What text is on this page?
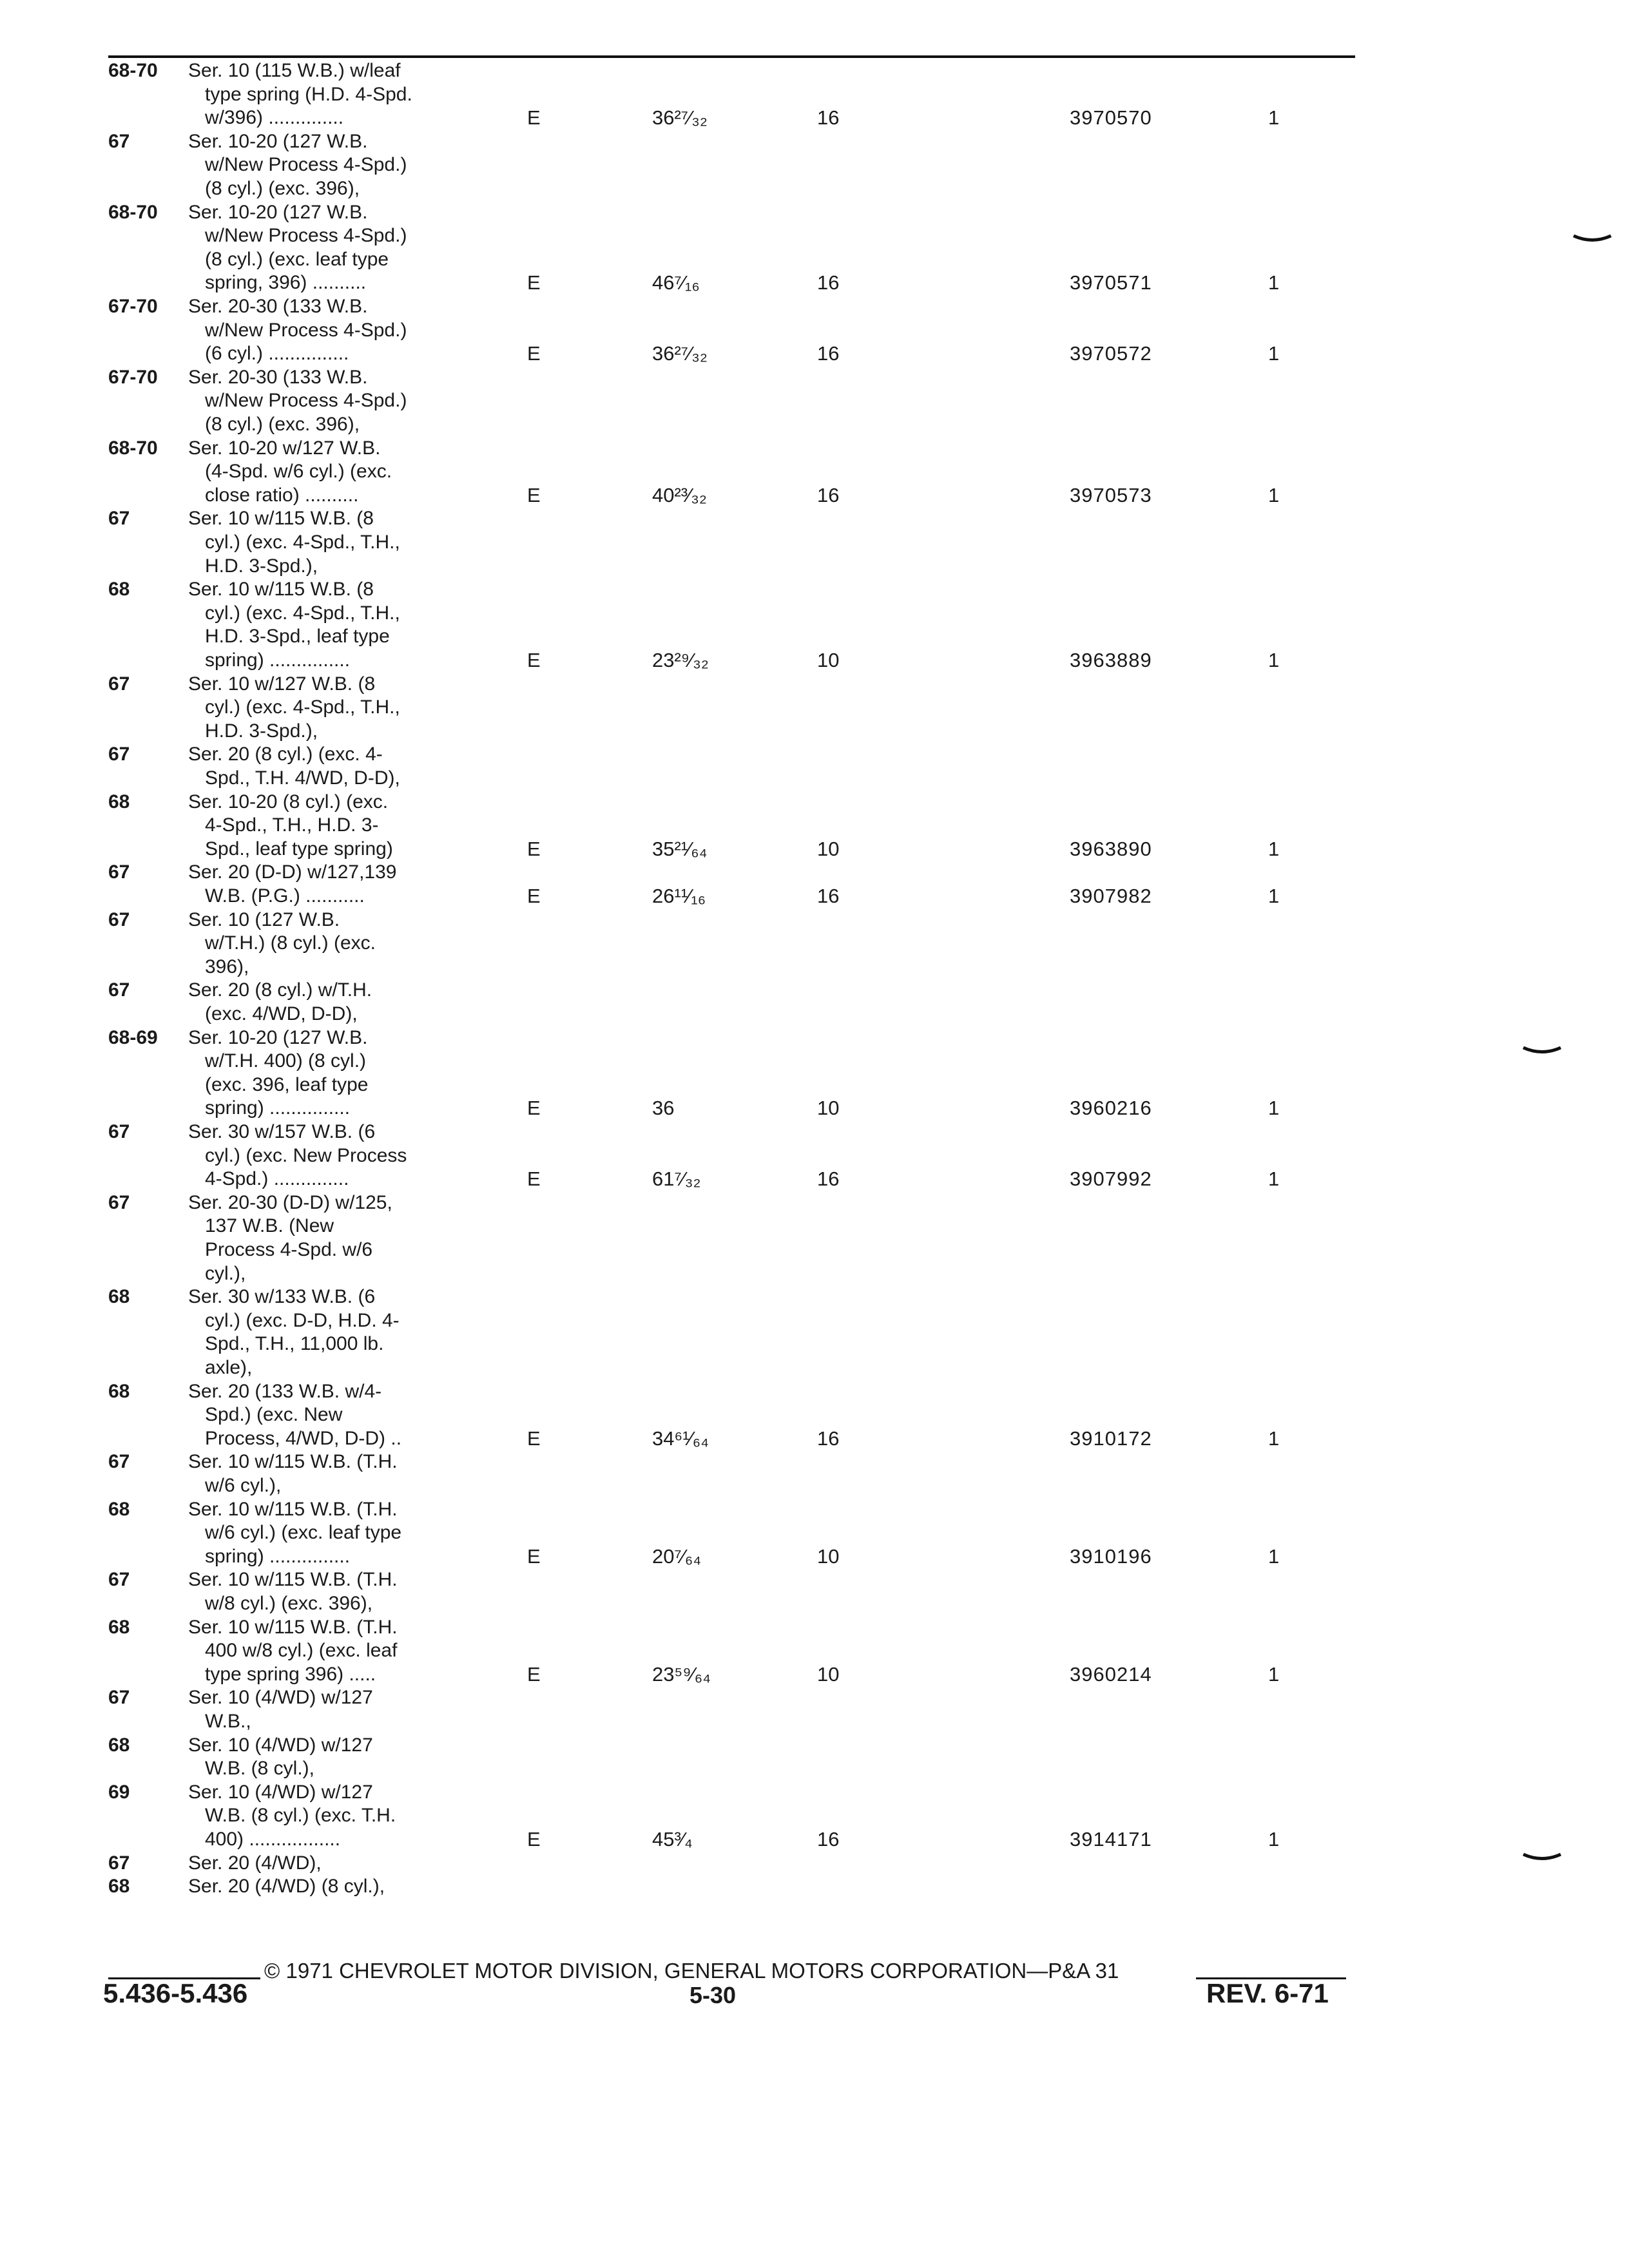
68-70 Ser. 10 (115 W.B.) w/leaf
type spring (H.D. 4-Spd.
w/396) ..............	E	36²⁷⁄₃₂	16	3970570	1
67	Ser. 10-20 (127 W.B.
w/New Process 4-Spd.)
(8 cyl.) (exc. 396),
68-70 Ser. 10-20 (127 W.B.
w/New Process 4-Spd.)
(8 cyl.) (exc. leaf type
spring, 396) ..........	E	46⁷⁄₁₆	16	3970571	1
67-70 Ser. 20-30 (133 W.B.
w/New Process 4-Spd.)
(6 cyl.) ...............	E	36²⁷⁄₃₂	16	3970572	1
67-70 Ser. 20-30 (133 W.B.
w/New Process 4-Spd.)
(8 cyl.) (exc. 396),
68-70 Ser. 10-20 w/127 W.B.
(4-Spd. w/6 cyl.) (exc.
close ratio) ..........	E	40²³⁄₃₂	16	3970573	1
67	Ser. 10 w/115 W.B. (8
cyl.) (exc. 4-Spd., T.H.,
H.D. 3-Spd.),
68	Ser. 10 w/115 W.B. (8
cyl.) (exc. 4-Spd., T.H.,
H.D. 3-Spd., leaf type
spring) ...............	E	23²⁹⁄₃₂	10	3963889	1
67	Ser. 10 w/127 W.B. (8
cyl.) (exc. 4-Spd., T.H.,
H.D. 3-Spd.),
67	Ser. 20 (8 cyl.) (exc. 4-
Spd., T.H. 4/WD, D-D),
68	Ser. 10-20 (8 cyl.) (exc.
4-Spd., T.H., H.D. 3-
Spd., leaf type spring)	E	35²¹⁄₆₄	10	3963890	1
67	Ser. 20 (D-D) w/127,139
W.B. (P.G.) ...........	E	26¹¹⁄₁₆	16	3907982	1
67	Ser. 10 (127 W.B.
w/T.H.) (8 cyl.) (exc.
396),
67	Ser. 20 (8 cyl.) w/T.H.
(exc. 4/WD, D-D),
68-69 Ser. 10-20 (127 W.B.
w/T.H. 400) (8 cyl.)
(exc. 396, leaf type
spring) ...............	E	36	10	3960216	1
67	Ser. 30 w/157 W.B. (6
cyl.) (exc. New Process
4-Spd.) ..............	E	61⁷⁄₃₂	16	3907992	1
67	Ser. 20-30 (D-D) w/125,
137 W.B. (New
Process 4-Spd. w/6
cyl.),
68	Ser. 30 w/133 W.B. (6
cyl.) (exc. D-D, H.D. 4-
Spd., T.H., 11,000 lb.
axle),
68	Ser. 20 (133 W.B. w/4-
Spd.) (exc. New
Process, 4/WD, D-D) ..	E	34⁶¹⁄₆₄	16	3910172	1
67	Ser. 10 w/115 W.B. (T.H.
w/6 cyl.),
68	Ser. 10 w/115 W.B. (T.H.
w/6 cyl.) (exc. leaf type
spring) ...............	E	20⁷⁄₆₄	10	3910196	1
67	Ser. 10 w/115 W.B. (T.H.
w/8 cyl.) (exc. 396),
68	Ser. 10 w/115 W.B. (T.H.
400 w/8 cyl.) (exc. leaf
type spring 396) .....	E	23⁵⁹⁄₆₄	10	3960214	1
67	Ser. 10 (4/WD) w/127
W.B.,
68	Ser. 10 (4/WD) w/127
W.B. (8 cyl.),
69	Ser. 10 (4/WD) w/127
W.B. (8 cyl.) (exc. T.H.
400) .................	E	45³⁄₄	16	3914171	1
67	Ser. 20 (4/WD),
68	Ser. 20 (4/WD) (8 cyl.),
© 1971 CHEVROLET MOTOR DIVISION, GENERAL MOTORS CORPORATION—P&A 31
5.436-5.436	5-30	REV. 6-71
